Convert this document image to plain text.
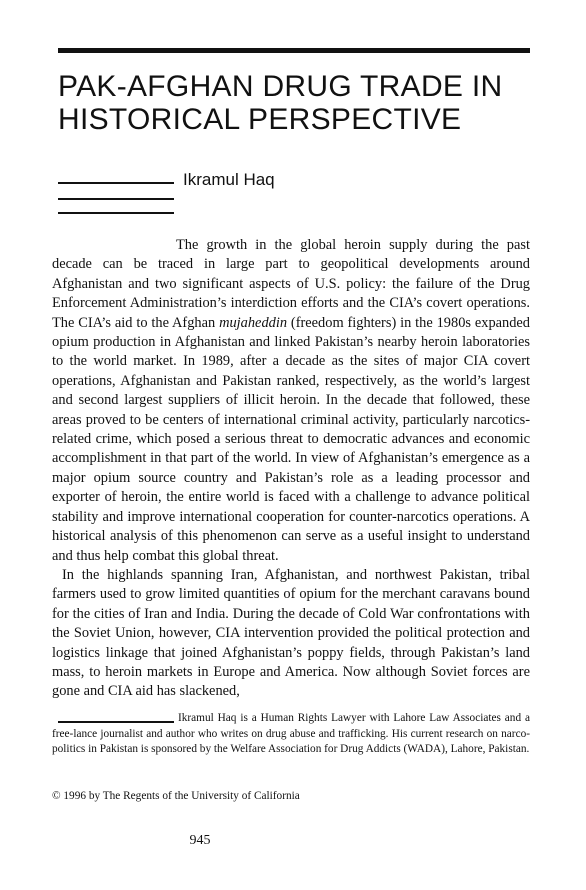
PAK-AFGHAN DRUG TRADE IN
HISTORICAL PERSPECTIVE

Ikramul Haq

The growth in the global heroin supply during the past decade can be traced in large part to geopolitical developments around Afghanistan and two significant aspects of U.S. policy: the failure of the Drug Enforcement Administration’s interdiction efforts and the CIA’s covert operations. The CIA’s aid to the Afghan mujaheddin (freedom fighters) in the 1980s expanded opium production in Afghanistan and linked Pakistan’s nearby heroin laboratories to the world market. In 1989, after a decade as the sites of major CIA covert operations, Afghanistan and Pakistan ranked, respectively, as the world’s largest and second largest suppliers of illicit heroin. In the decade that followed, these areas proved to be centers of international criminal activity, particularly narcotics-related crime, which posed a serious threat to democratic advances and economic accomplishment in that part of the world. In view of Afghanistan’s emergence as a major opium source country and Pakistan’s role as a leading processor and exporter of heroin, the entire world is faced with a challenge to advance political stability and improve international cooperation for counter-narcotics operations. A historical analysis of this phenomenon can serve as a useful insight to understand and thus help combat this global threat.

In the highlands spanning Iran, Afghanistan, and northwest Pakistan, tribal farmers used to grow limited quantities of opium for the merchant caravans bound for the cities of Iran and India. During the decade of Cold War confrontations with the Soviet Union, however, CIA intervention provided the political protection and logistics linkage that joined Afghanistan’s poppy fields, through Pakistan’s land mass, to heroin markets in Europe and America. Now although Soviet forces are gone and CIA aid has slackened,

Ikramul Haq is a Human Rights Lawyer with Lahore Law Associates and a free-lance journalist and author who writes on drug abuse and trafficking. His current research on narco-politics in Pakistan is sponsored by the Welfare Association for Drug Addicts (WADA), Lahore, Pakistan.

© 1996 by The Regents of the University of California

945
